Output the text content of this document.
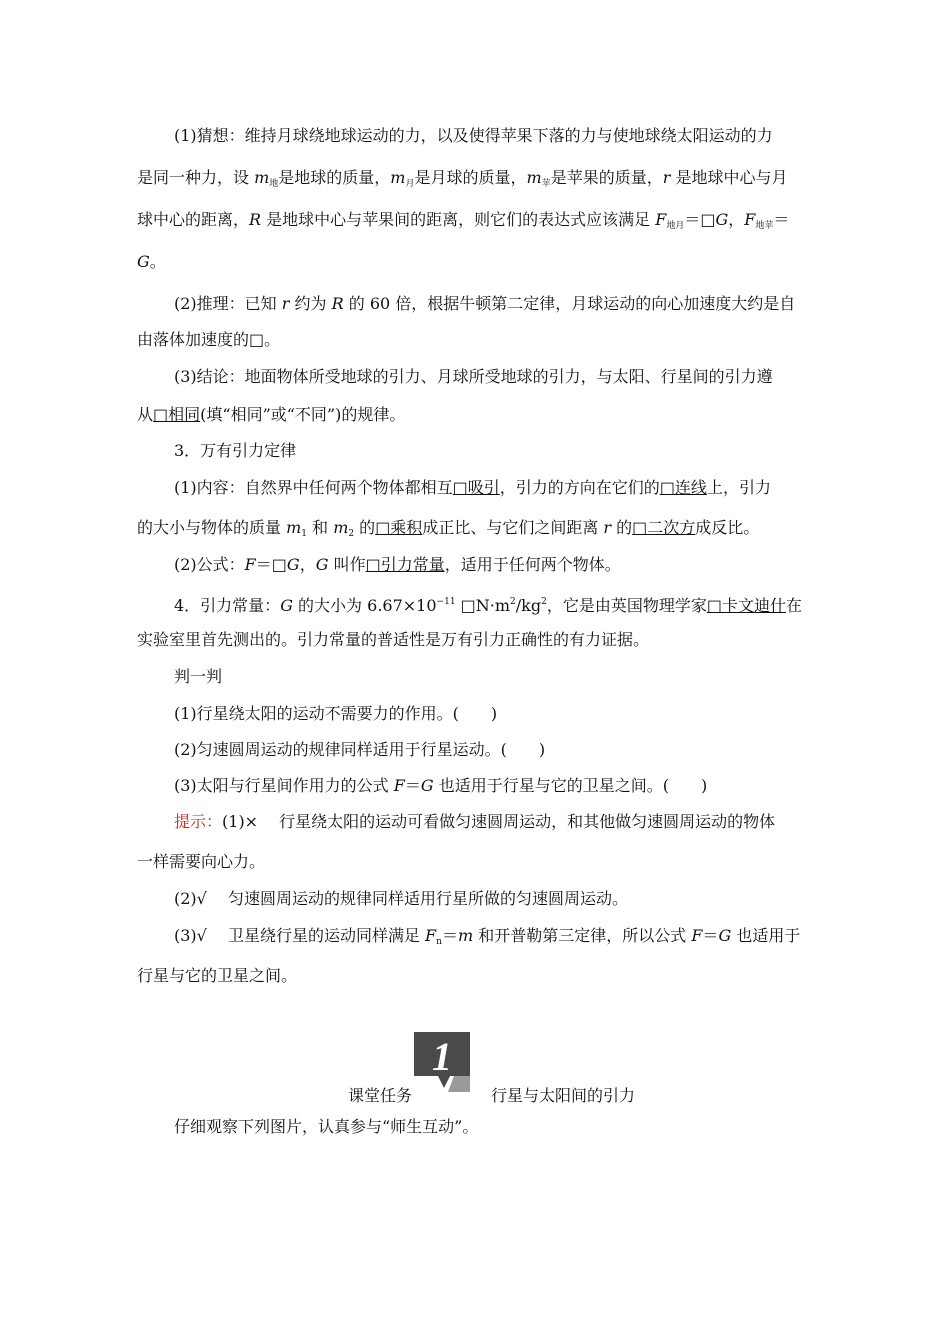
(1)猜想：维持月球绕地球运动的力，以及使得苹果下落的力与使地球绕太阳运动的力
是同一种力，设 $m_地$是地球的质量，$m_月$是月球的质量，$m_苹$是苹果的质量，r 是地球中心与月
球中心的距离，R 是地球中心与苹果间的距离，则它们的表达式应该满足 $F_{地月}=□G$，$F_{地苹}=$
G。
(2)推理：已知 r 约为 R 的 60 倍，根据牛顿第二定律，月球运动的向心加速度大约是自
由落体加速度的□。
(3)结论：地面物体所受地球的引力、月球所受地球的引力，与太阳、行星间的引力遵
从□相同(填“相同”或“不同”)的规律。
3．万有引力定律
(1)内容：自然界中任何两个物体都相互□吸引，引力的方向在它们的□连线上，引力
的大小与物体的质量 $m_1$ 和 $m_2$ 的□乘积成正比、与它们之间距离 r 的□二次方成反比。
(2)公式：F＝□G，G 叫作□引力常量，适用于任何两个物体。
4．引力常量：G 的大小为 $6.67\times 10^{-11}$ $□N\cdot m^2/kg^2$，它是由英国物理学家□卡文迪什在
实验室里首先测出的。引力常量的普适性是万有引力正确性的有力证据。
判一判
(1)行星绕太阳的运动不需要力的作用。(　　)
(2)匀速圆周运动的规律同样适用于行星运动。(　　)
(3)太阳与行星间作用力的公式 F＝G 也适用于行星与它的卫星之间。(　　)
提示：(1)×　 行星绕太阳的运动可看做匀速圆周运动，和其他做匀速圆周运动的物体
一样需要向心力。
(2)√　 匀速圆周运动的规律同样适用行星所做的匀速圆周运动。
(3)√　 卫星绕行星的运动同样满足 $F_n=m$ 和开普勒第三定律，所以公式 F＝G 也适用于
行星与它的卫星之间。
课堂任务
1
行星与太阳间的引力
仔细观察下列图片，认真参与“师生互动”。
